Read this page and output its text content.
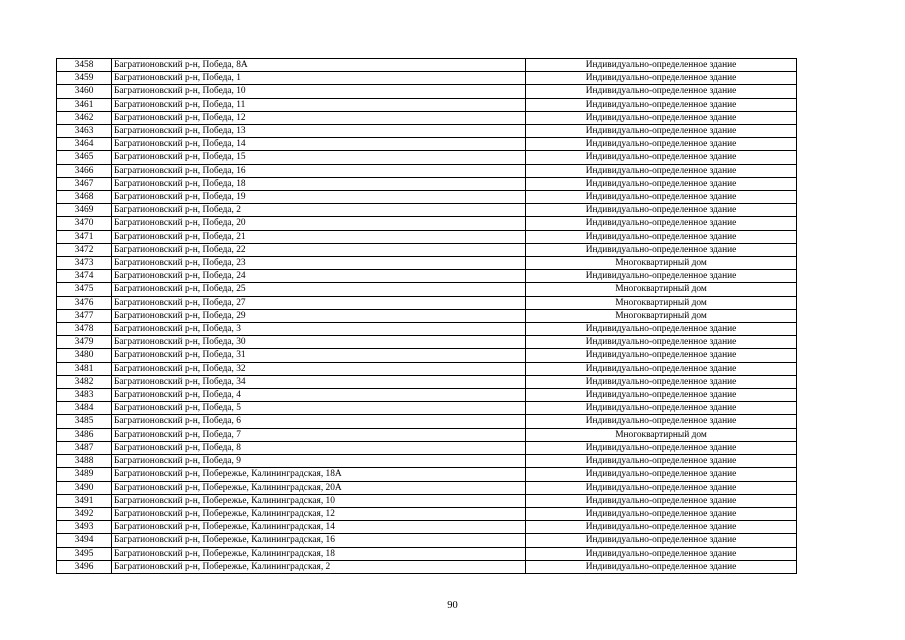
3458	Багратионовский р-н, Победа, 8А	Индивидуально-определенное здание
3459	Багратионовский р-н, Победа, 1	Индивидуально-определенное здание
3460	Багратионовский р-н, Победа, 10	Индивидуально-определенное здание
3461	Багратионовский р-н, Победа, 11	Индивидуально-определенное здание
3462	Багратионовский р-н, Победа, 12	Индивидуально-определенное здание
3463	Багратионовский р-н, Победа, 13	Индивидуально-определенное здание
3464	Багратионовский р-н, Победа, 14	Индивидуально-определенное здание
3465	Багратионовский р-н, Победа, 15	Индивидуально-определенное здание
3466	Багратионовский р-н, Победа, 16	Индивидуально-определенное здание
3467	Багратионовский р-н, Победа, 18	Индивидуально-определенное здание
3468	Багратионовский р-н, Победа, 19	Индивидуально-определенное здание
3469	Багратионовский р-н, Победа, 2	Индивидуально-определенное здание
3470	Багратионовский р-н, Победа, 20	Индивидуально-определенное здание
3471	Багратионовский р-н, Победа, 21	Индивидуально-определенное здание
3472	Багратионовский р-н, Победа, 22	Индивидуально-определенное здание
3473	Багратионовский р-н, Победа, 23	Многоквартирный дом
3474	Багратионовский р-н, Победа, 24	Индивидуально-определенное здание
3475	Багратионовский р-н, Победа, 25	Многоквартирный дом
3476	Багратионовский р-н, Победа, 27	Многоквартирный дом
3477	Багратионовский р-н, Победа, 29	Многоквартирный дом
3478	Багратионовский р-н, Победа, 3	Индивидуально-определенное здание
3479	Багратионовский р-н, Победа, 30	Индивидуально-определенное здание
3480	Багратионовский р-н, Победа, 31	Индивидуально-определенное здание
3481	Багратионовский р-н, Победа, 32	Индивидуально-определенное здание
3482	Багратионовский р-н, Победа, 34	Индивидуально-определенное здание
3483	Багратионовский р-н, Победа, 4	Индивидуально-определенное здание
3484	Багратионовский р-н, Победа, 5	Индивидуально-определенное здание
3485	Багратионовский р-н, Победа, 6	Индивидуально-определенное здание
3486	Багратионовский р-н, Победа, 7	Многоквартирный дом
3487	Багратионовский р-н, Победа, 8	Индивидуально-определенное здание
3488	Багратионовский р-н, Победа, 9	Индивидуально-определенное здание
3489	Багратионовский р-н, Побережье, Калининградская, 18А	Индивидуально-определенное здание
3490	Багратионовский р-н, Побережье, Калининградская, 20А	Индивидуально-определенное здание
3491	Багратионовский р-н, Побережье, Калининградская, 10	Индивидуально-определенное здание
3492	Багратионовский р-н, Побережье, Калининградская, 12	Индивидуально-определенное здание
3493	Багратионовский р-н, Побережье, Калининградская, 14	Индивидуально-определенное здание
3494	Багратионовский р-н, Побережье, Калининградская, 16	Индивидуально-определенное здание
3495	Багратионовский р-н, Побережье, Калининградская, 18	Индивидуально-определенное здание
3496	Багратионовский р-н, Побережье, Калининградская, 2	Индивидуально-определенное здание
90
